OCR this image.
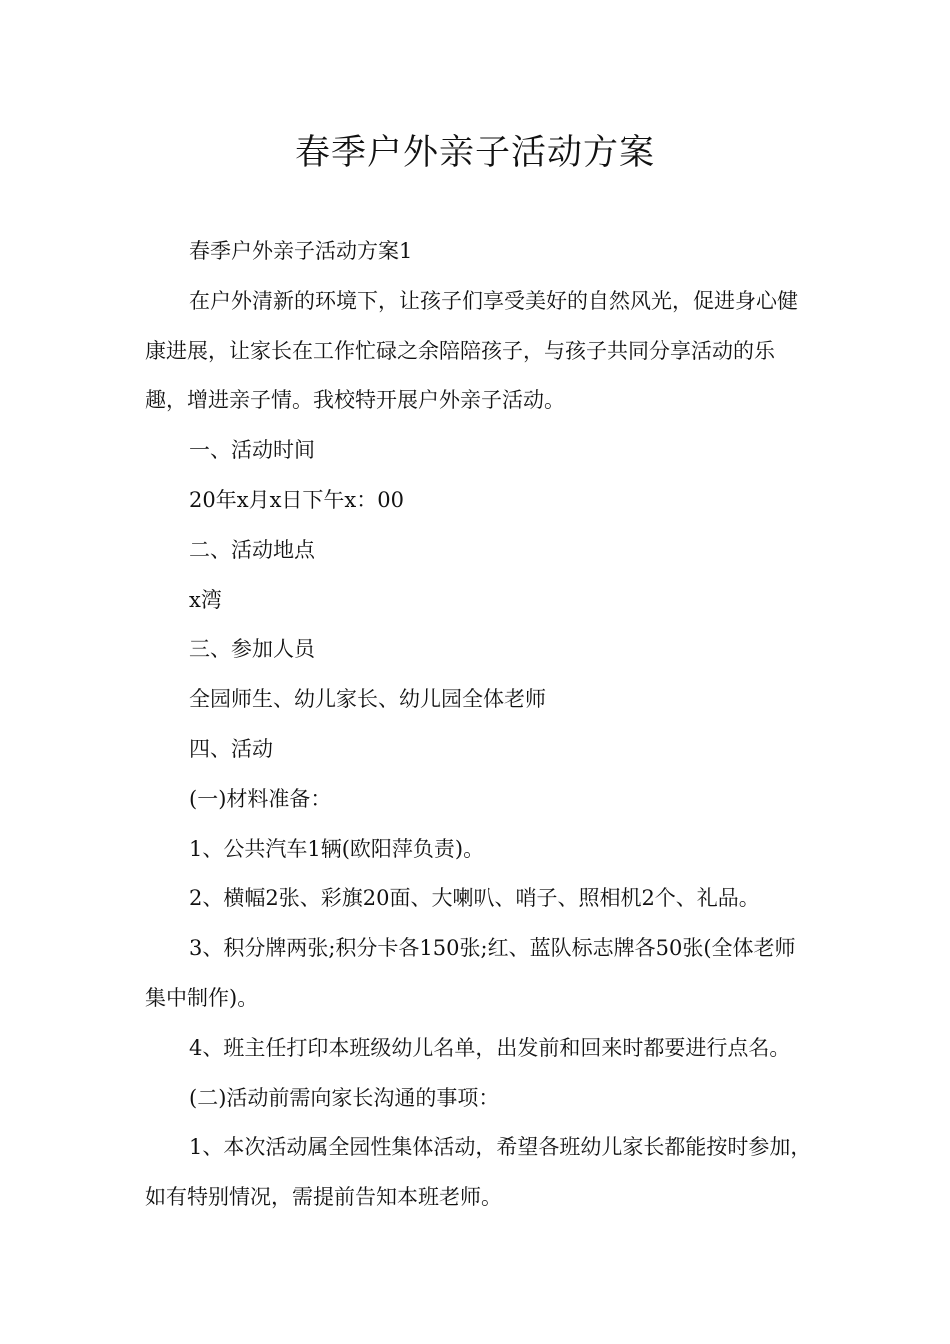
春季户外亲子活动方案

春季户外亲子活动方案1

在户外清新的环境下，让孩子们享受美好的自然风光，促进身心健康进展，让家长在工作忙碌之余陪陪孩子，与孩子共同分享活动的乐趣，增进亲子情。我校特开展户外亲子活动。

一、活动时间

20年x月x日下午x：00

二、活动地点

x湾

三、参加人员

全园师生、幼儿家长、幼儿园全体老师

四、活动

(一)材料准备：

1、公共汽车1辆(欧阳萍负责)。

2、横幅2张、彩旗20面、大喇叭、哨子、照相机2个、礼品。

3、积分牌两张;积分卡各150张;红、蓝队标志牌各50张(全体老师集中制作)。

4、班主任打印本班级幼儿名单，出发前和回来时都要进行点名。

(二)活动前需向家长沟通的事项：

1、本次活动属全园性集体活动，希望各班幼儿家长都能按时参加，如有特别情况，需提前告知本班老师。
